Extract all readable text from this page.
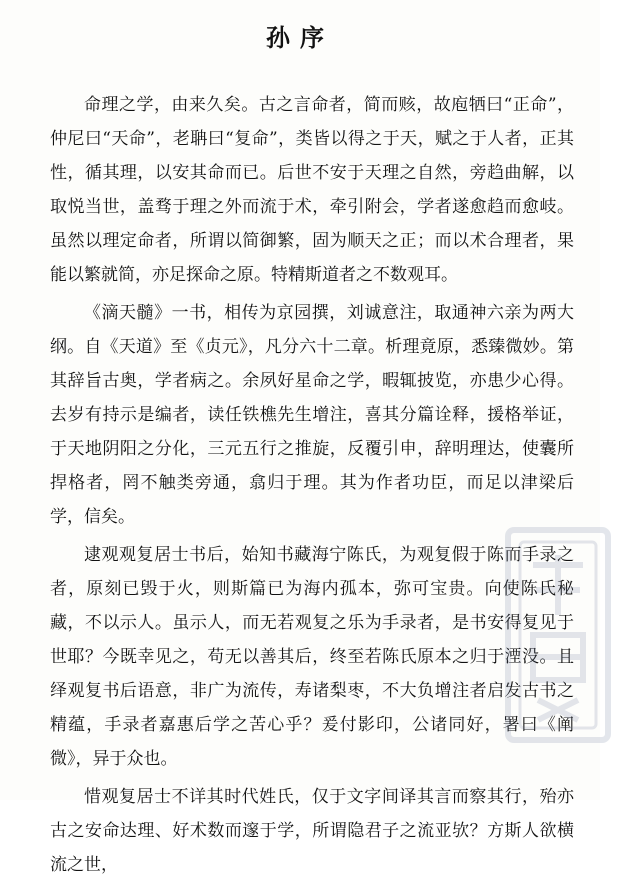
孙序

命理之学，由来久矣。古之言命者，简而赅，故庖牺曰“正命”，仲尼曰“天命”，老聃曰“复命”，类皆以得之于天，赋之于人者，正其性，循其理，以安其命而已。后世不安于天理之自然，旁趋曲解，以取悦当世，盖骛于理之外而流于术，牵引附会，学者遂愈趋而愈岐。虽然以理定命者，所谓以简御繁，固为顺天之正；而以术合理者，果能以繁就简，亦足探命之原。特精斯道者之不数观耳。

《滴天髓》一书，相传为京园撰，刘诚意注，取通神六亲为两大纲。自《天道》至《贞元》，凡分六十二章。析理竟原，悉臻微妙。第其辞旨古奥，学者病之。余夙好星命之学，暇辄披览，亦患少心得。去岁有持示是编者，读任铁樵先生增注，喜其分篇诠释，援格举证，于天地阴阳之分化，三元五行之推旋，反覆引申，辞明理达，使囊所捍格者，罔不触类旁通，翕归于理。其为作者功臣，而足以津梁后学，信矣。

逮观观复居士书后，始知书藏海宁陈氏，为观复假于陈而手录之者，原刻已毁于火，则斯篇已为海内孤本，弥可宝贵。向使陈氏秘藏，不以示人。虽示人，而无若观复之乐为手录者，是书安得复见于世耶？今既幸见之，苟无以善其后，终至若陈氏原本之归于湮没。且绎观复书后语意，非广为流传，寿诸梨枣，不大负增注者启发古书之精蕴，手录者嘉惠后学之苦心乎？爰付影印，公诸同好，署曰《阐微》，异于众也。

惜观复居士不详其时代姓氏，仅于文字间译其言而察其行，殆亦古之安命达理、好术数而邃于学，所谓隐君子之流亚欤？方斯人欲横流之世，
